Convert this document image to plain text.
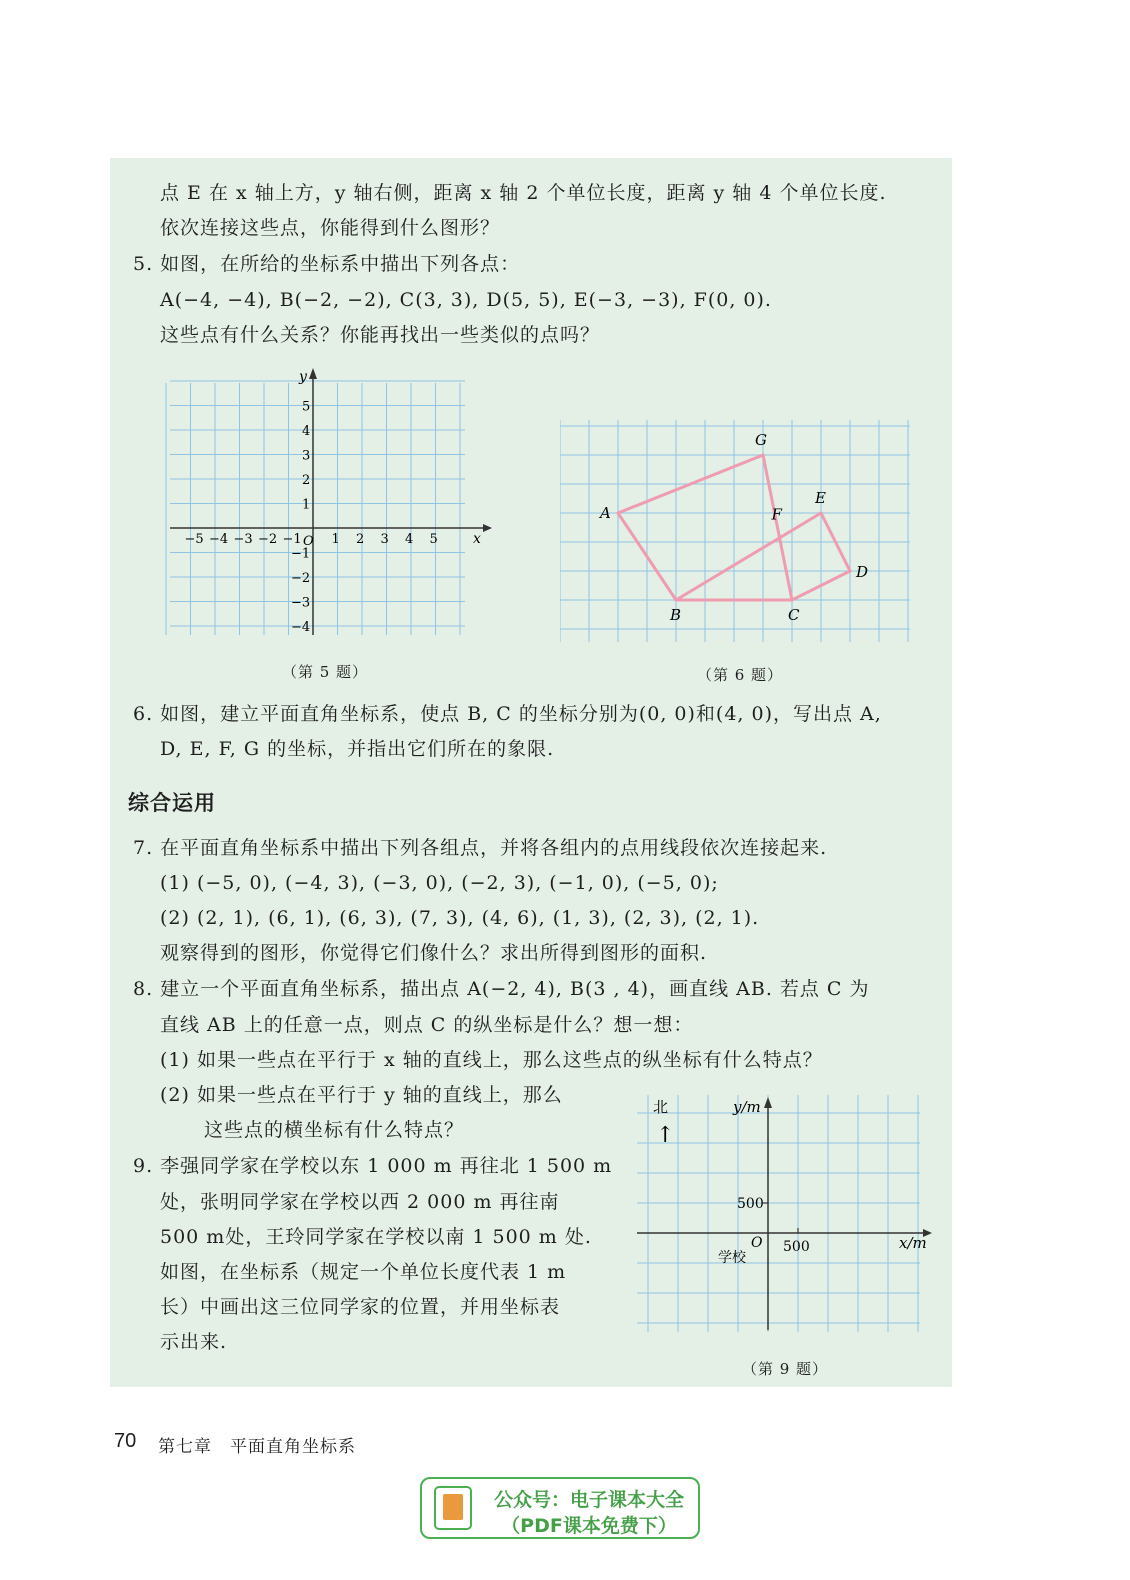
点 E 在 x 轴上方，y 轴右侧，距离 x 轴 2 个单位长度，距离 y 轴 4 个单位长度.
依次连接这些点，你能得到什么图形？
5. 如图，在所给的坐标系中描出下列各点：
A(−4, −4), B(−2, −2), C(3, 3), D(5, 5), E(−3, −3), F(0, 0).
这些点有什么关系？你能再找出一些类似的点吗？
x
y
O
−5 −4 −3 −2 −1 1 2 3 4 5
5
4
3
2
1
−1
−2
−3
−4
（第 5 题）
A
G
F
E
D
C
B
（第 6 题）
6. 如图，建立平面直角坐标系，使点 B, C 的坐标分别为(0, 0)和(4, 0)，写出点 A,
D, E, F, G 的坐标，并指出它们所在的象限.
综合运用
7. 在平面直角坐标系中描出下列各组点，并将各组内的点用线段依次连接起来.
(1) (−5, 0), (−4, 3), (−3, 0), (−2, 3), (−1, 0), (−5, 0);
(2) (2, 1), (6, 1), (6, 3), (7, 3), (4, 6), (1, 3), (2, 3), (2, 1).
观察得到的图形，你觉得它们像什么？求出所得到图形的面积.
8. 建立一个平面直角坐标系，描出点 A(−2, 4), B(3 , 4)，画直线 AB. 若点 C 为
直线 AB 上的任意一点，则点 C 的纵坐标是什么？想一想：
(1) 如果一些点在平行于 x 轴的直线上，那么这些点的纵坐标有什么特点？
(2) 如果一些点在平行于 y 轴的直线上，那么
这些点的横坐标有什么特点？
9. 李强同学家在学校以东 1 000 m 再往北 1 500 m
处，张明同学家在学校以西 2 000 m 再往南
500 m处，王玲同学家在学校以南 1 500 m 处.
如图，在坐标系（规定一个单位长度代表 1 m
长）中画出这三位同学家的位置，并用坐标表
示出来.
北
↑
y/m
x/m
500
500
O
学校
（第 9 题）
70 第七章　平面直角坐标系
公众号：电子课本大全
（PDF课本免费下）
